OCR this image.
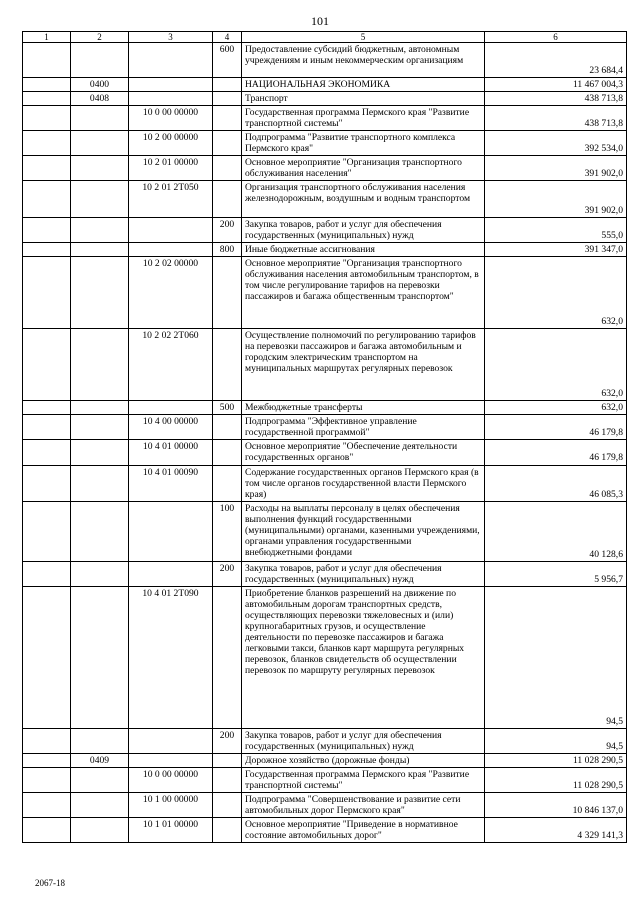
101
1	2	3	4	5	6
			600	Предоставление субсидий бюджетным, автономным учреждениям и иным некоммерческим организациям	23 684,4
	0400			НАЦИОНАЛЬНАЯ ЭКОНОМИКА	11 467 004,3
	0408			Транспорт	438 713,8
		10 0 00 00000		Государственная программа Пермского края "Развитие транспортной системы"	438 713,8
		10 2 00 00000		Подпрограмма "Развитие транспортного комплекса Пермского края"	392 534,0
		10 2 01 00000		Основное мероприятие "Организация транспортного обслуживания населения"	391 902,0
		10 2 01 2Т050		Организация транспортного обслуживания населения железнодорожным, воздушным и водным транспортом	391 902,0
			200	Закупка товаров, работ и услуг для обеспечения государственных (муниципальных) нужд	555,0
			800	Иные бюджетные ассигнования	391 347,0
		10 2 02 00000		Основное мероприятие "Организация транспортного обслуживания населения автомобильным транспортом, в том числе регулирование тарифов на перевозки пассажиров и багажа общественным транспортом"	632,0
		10 2 02 2Т060		Осуществление полномочий по регулированию тарифов на перевозки пассажиров и багажа автомобильным и городским электрическим транспортом на муниципальных маршрутах регулярных перевозок	632,0
			500	Межбюджетные трансферты	632,0
		10 4 00 00000		Подпрограмма "Эффективное управление государственной программой"	46 179,8
		10 4 01 00000		Основное мероприятие "Обеспечение деятельности государственных органов"	46 179,8
		10 4 01 00090		Содержание государственных органов Пермского края (в том числе органов государственной власти Пермского края)	46 085,3
			100	Расходы на выплаты персоналу в целях обеспечения выполнения функций государственными (муниципальными) органами, казенными учреждениями, органами управления государственными внебюджетными фондами	40 128,6
			200	Закупка товаров, работ и услуг для обеспечения государственных (муниципальных) нужд	5 956,7
		10 4 01 2Т090		Приобретение бланков разрешений на движение по автомобильным дорогам транспортных средств, осуществляющих перевозки тяжеловесных и (или) крупногабаритных грузов, и осуществление деятельности по перевозке пассажиров и багажа легковыми такси, бланков карт маршрута регулярных перевозок, бланков свидетельств об осуществлении перевозок по маршруту регулярных перевозок	94,5
			200	Закупка товаров, работ и услуг для обеспечения государственных (муниципальных) нужд	94,5
	0409			Дорожное хозяйство (дорожные фонды)	11 028 290,5
		10 0 00 00000		Государственная программа Пермского края "Развитие транспортной системы"	11 028 290,5
		10 1 00 00000		Подпрограмма "Совершенствование и развитие сети автомобильных дорог Пермского края"	10 846 137,0
		10 1 01 00000		Основное мероприятие "Приведение в нормативное состояние автомобильных дорог"	4 329 141,3
2067-18
